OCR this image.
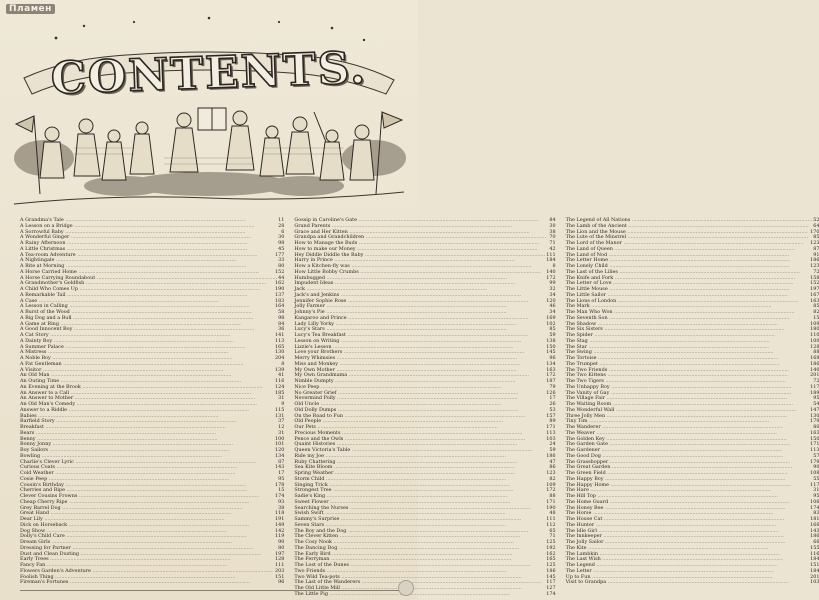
Пламен
CONTENTS.
A Grandma's Tale .....	11
A Lesson on a Bridge .....	28
A Sorrowful Baby .....	6
A Wonderful Ginger .....	30
A Rainy Afternoon .....	98
A Little Christmas .....	45
A Tea-room Adventure .....	177
A Nightingale .....	33
A Bite at Morning .....	80
A Horse Carried Home .....	152
A Horse Carrying Roundabout .....	44
A Grandmother's Goldfish .....	162
A Child Who Comes Up .....	190
A Remarkable Tail .....	137
A Case .....	183
A Lesson in Calling .....	164
A Burst of the Wood .....	58
A Big Dog and a Bull .....	98
A Game at Ring .....	84
A Good Innocent Boy .....	36
A Cat Story .....	141
A Dainty Boy .....	113
A Summer Palace .....	165
A Mistress .....	130
A Noble Boy .....	204
A Fat Gentleman .....	8
A Visitor .....	139
An Old Man .....	41
An Outing Time .....	116
An Evening at the Brook .....	124
An Answer to a Call .....	185
An Answer to Mother .....	31
An Old Man's Comedy .....	9
Answer to a Riddle .....	115
Babies .....	131
Barfield Story .....	37
Breakfast .....	12
Bears .....	31
Benny .....	100
Bonny Jonny .....	101
Boy Sailors .....	120
Bowling .....	134
Charlie's Clever Lyric .....	87
Curious Coats .....	143
Cold Weather .....	17
Cosie Peep .....	95
Cousin's Birthday .....	178
Cherries and Ripe .....	15
Clever Cousins Frowns .....	174
Cheap Cherry Ripe .....	93
Grey Barrel Dog .....	38
Great Hand .....	118
Dear Lily .....	191
Dick on Horseback .....	149
Dog Show .....	142
Dolly's Child Care .....	119
Dream Girls .....	90
Dressing for Partner .....	80
Dust and Clean Dusting .....	197
Early Trees .....	128
Fancy Fan .....	111
Flowers Garden's Adventure .....	203
Foolish Thing .....	151
Fireman's Fortunes .....	96
Gossip in Caroline's Gate .....	84
Grand Parents .....	30
Grace and Her Kitten .....	38
Grandpa and Grandchildren .....	70
How to Manage the Buds .....	71
How to make our Money .....	42
Hey Diddle Diddle the Baby .....	111
Harry in Prince .....	184
How a Kitchen-fly was .....	8
How Little Bobby Crumbs .....	140
Humbugged .....	172
Impudent Ideas .....	99
Jack .....	32
Jack's and Jenkins .....	34
Jennifer Sophie Rose .....	120
Jolly Farmer .....	46
Johnny's Pie .....	34
Kangaroo and Prince .....	169
Lady Lilly Yorky .....	102
Lucy's Stars .....	85
Lucy's Tea Breakfast .....	59
Lesson on Writing .....	138
Lizzie's Lesson .....	150
Love your Brothers .....	145
Merry Whimsies .....	96
Miss and Monkey .....	134
My Own Mother .....	163
My Own Grandmama .....	172
Nimble Dumpty .....	187
Nice Peep .....	79
No Greater Grief .....	126
Nevermind Polly .....	17
Old Uncle .....	26
Old Dolly Dumps .....	53
On the Road to Fun .....	157
Old People .....	89
Our Pets .....	171
Precious Moments .....	113
Pence and the Owls .....	103
Quaint Histories .....	24
Queen Victoria's Table .....	59
Ride my Joe .....	186
Ruby Chattering .....	47
Sea Kite Bloom .....	86
Spring Weather .....	123
Storm Child .....	82
Singing Trick .....	109
Strongest Tree .....	172
Sadie's King .....	88
Sweet Flower .....	171
Searching the Nurses .....	190
Swish Swift .....	48
Sammy's Surprise .....	111
Seven Stars .....	112
The Boy and the Dog .....	65
The Clever Kitten .....	71
The Cosy Nook .....	125
The Dancing Dog .....	192
The Early Bird .....	162
The Ferryman .....	165
The Lost of the Dunes .....	125
Two Friends .....	186
Two Wild Tea-pots .....	145
The Last of the Wanderers .....	117
The Old Little Mill .....	127
The Little Pig .....	174
The Legend of All Nations .....	52
The Lamb of the Ancient .....	64
The Lion and the Mouse .....	170
The Lute of the Minstrel .....	85
The Lord of the Manor .....	123
The Land of Queen .....	87
The Land of Nod .....	91
The Letter Home .....	186
The Lonely Child .....	123
The Last of the Lilies .....	72
The Knife and Fork .....	158
The Letter of Love .....	152
The Little Mouse .....	197
The Little Sailor .....	167
The Lions of London .....	163
The Mark .....	85
The Man Who Won .....	82
The Seventh Son .....	15
The Shadow .....	109
The Six Sisters .....	180
The Spider .....	110
The Stag .....	100
The Star .....	128
The Swing .....	88
The Tortoise .....	168
The Trumpet .....	186
The Two Friends .....	140
The Two Kittens .....	201
The Two Tigers .....	72
The Unhappy Boy .....	117
The Vanity of Gay .....	189
The Village Fair .....	95
The Waiting Room .....	54
The Wonderful Wall .....	147
Three Jolly Men .....	130
Tiny Tim .....	179
The Wanderer .....	80
The Weaver .....	163
The Golden Key .....	150
The Garden Gate .....	171
The Gardener .....	113
The Good Dog .....	57
The Grasshopper .....	179
The Great Garden .....	90
The Green Field .....	108
The Happy Boy .....	55
The Happy Home .....	117
The Hare .....	31
The Hill Top .....	95
The Home Guard .....	106
The Honey Bee .....	174
The Horse .....	83
The House Cat .....	181
The Hunter .....	166
The Idle Girl .....	143
The Innkeeper .....	186
The Jolly Sailor .....	66
The Kite .....	155
The Lambkin .....	116
The Last Wish .....	184
The Legend .....	151
The Letter .....	184
Up to Fun .....	201
Visit to Grandpa .....	103
